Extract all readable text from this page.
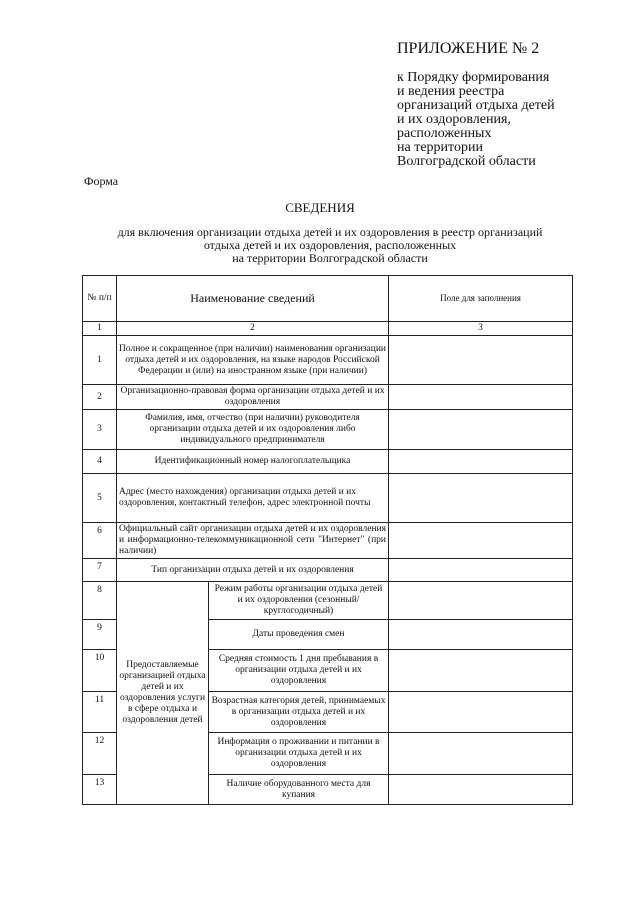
ПРИЛОЖЕНИЕ № 2
к Порядку формирования
и ведения реестра
организаций отдыха детей
и их оздоровления,
расположенных
на территории
Волгоградской области
Форма
СВЕДЕНИЯ
для включения организации отдыха детей и их оздоровления в реестр организаций
отдыха детей и их оздоровления, расположенных
на территории Волгоградской области
№ п/п	Наименование сведений		Поле для заполнения
1	2		3
1	Полное и сокращенное (при наличии) наименования организации отдыха детей и их оздоровления, на языке народов Российской Федерации и (или) на иностранном языке (при наличии)		
2	Организационно-правовая форма организации отдыха детей и их оздоровления		
3	Фамилия, имя, отчество (при наличии) руководителя организации отдыха детей и их оздоровления либо индивидуального предпринимателя		
4	Идентификационный номер налогоплательщика		
5	Адрес (место нахождения) организации отдыха детей и их оздоровления, контактный телефон, адрес электронной почты		
6	Официальный сайт организации отдыха детей и их оздоровления и информационно-телекоммуникационной сети "Интернет" (при наличии)		
7	Тип организации отдыха детей и их оздоровления		
8	Предоставляемые организацией отдыха детей и их оздоровления услуги в сфере отдыха и оздоровления детей	Режим работы организации отдыха детей и их оздоровления (сезонный/круглогодичный)	
9		Даты проведения смен	
10		Средняя стоимость 1 дня пребывания в организации отдыха детей и их оздоровления	
11		Возрастная категория детей, принимаемых в организации отдыха детей и их оздоровления	
12		Информация о проживании и питании в организации отдыха детей и их оздоровления	
13		Наличие оборудованного места для купания	
